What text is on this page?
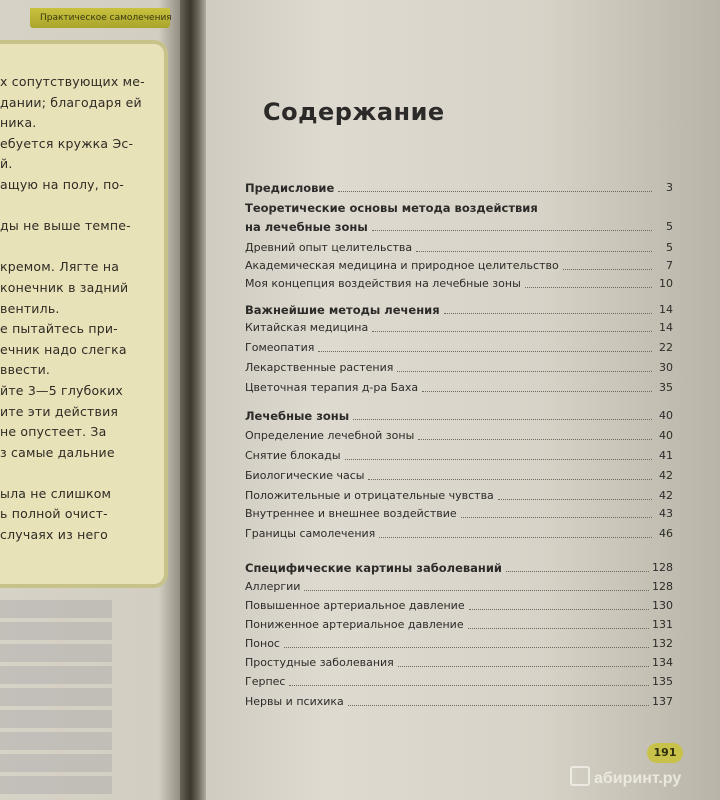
Практическое самолечения
х сопутствующих ме-
дании; благодаря ей
ника.
ебуется кружка Эс-
й.
ащую на полу, по-

ды не выше темпе-

кремом. Лягте на
конечник в задний
вентиль.
е пытайтесь при-
ечник надо слегка
ввести.
йте 3—5 глубоких
ите эти действия
не опустеет. За
з самые дальние

ыла не слишком
ь полной очист-
случаях из него
Содержание
Предисловие	3
Теоретические основы метода воздействия
на лечебные зоны	5
Древний опыт целительства	5
Академическая медицина и природное целительство	7
Моя концепция воздействия на лечебные зоны	10
Важнейшие методы лечения	14
Китайская медицина	14
Гомеопатия	22
Лекарственные растения	30
Цветочная терапия д-ра Баха	35
Лечебные зоны	40
Определение лечебной зоны	40
Снятие блокады	41
Биологические часы	42
Положительные и отрицательные чувства	42
Внутреннее и внешнее воздействие	43
Границы самолечения	46
Специфические картины заболеваний	128
Аллергии	128
Повышенное артериальное давление	130
Пониженное артериальное давление	131
Понос	132
Простудные заболевания	134
Герпес	135
Нервы и психика	137
191
абиринт.ру
